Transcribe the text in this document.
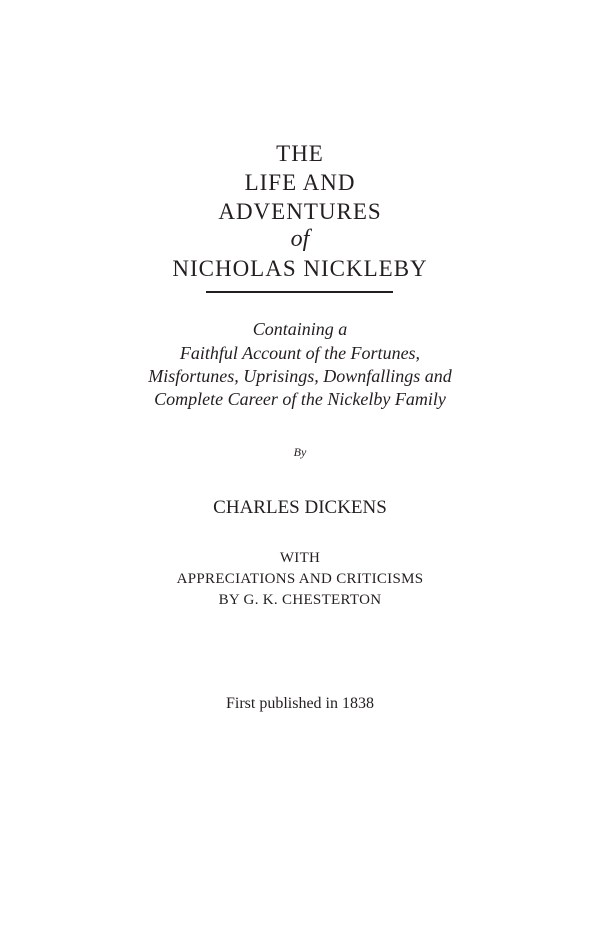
THE
LIFE AND
ADVENTURES
of
NICHOLAS NICKLEBY
Containing a
Faithful Account of the Fortunes,
Misfortunes, Uprisings, Downfallings and
Complete Career of the Nickelby Family
By
CHARLES DICKENS
WITH
APPRECIATIONS AND CRITICISMS
BY G. K. CHESTERTON
First published in 1838
